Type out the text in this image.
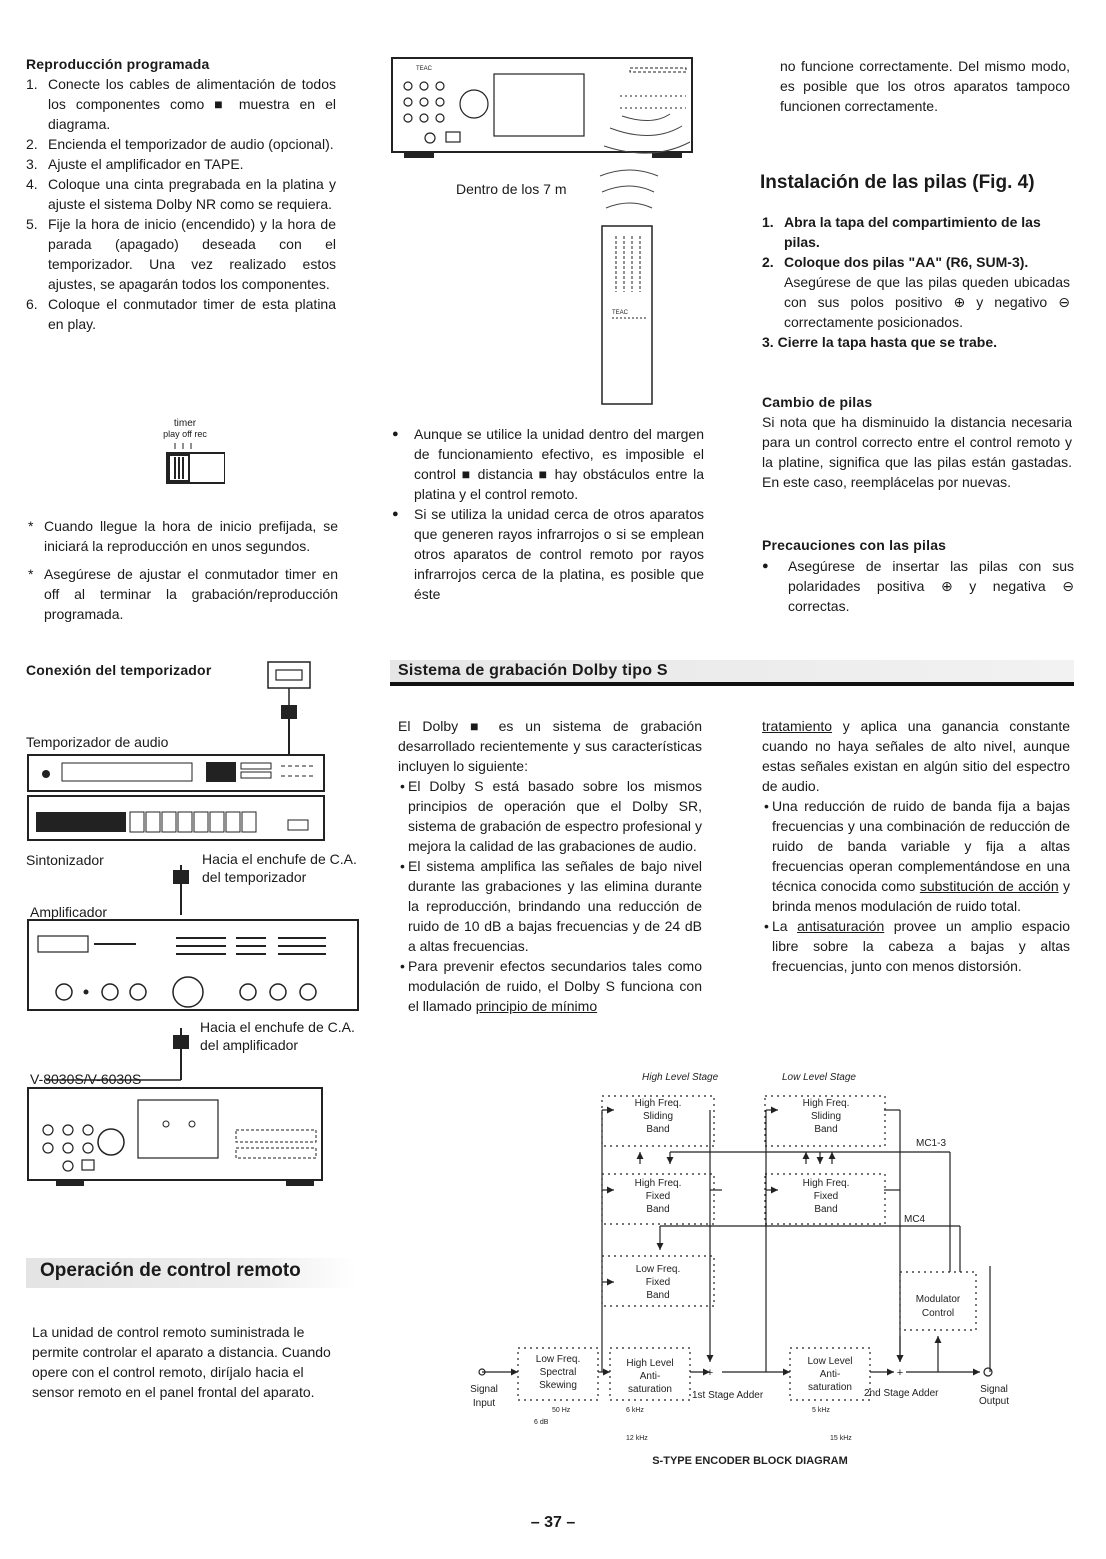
Reproducción programada
1. Conecte los cables de alimentación de todos los componentes como ■ muestra en el diagrama.
2. Encienda el temporizador de audio (opcional).
3. Ajuste el amplificador en TAPE.
4. Coloque una cinta pregrabada en la platina y ajuste el sistema Dolby NR como se requiera.
5. Fije la hora de inicio (encendido) y la hora de parada (apagado) deseada con el temporizador. Una vez realizado estos ajustes, se apagarán todos los componentes.
6. Coloque el conmutador timer de esta platina en play.
timer
play off rec
* Cuando llegue la hora de inicio prefijada, se iniciará la reproducción en unos segundos.
* Asegúrese de ajustar el conmutador timer en off al terminar la grabación/reproducción programada.
Conexión del temporizador
Temporizador de audio
Sintonizador	Hacia el enchufe de C.A. del temporizador
Amplificador
Hacia el enchufe de C.A. del amplificador
V-8030S/V-6030S
Operación de control remoto
La unidad de control remoto suministrada le permite controlar el aparato a distancia. Cuando opere con el control remoto, diríjalo hacia el sensor remoto en el panel frontal del aparato.
TEAC
TEAC
Dentro de los 7 m
● Aunque se utilice la unidad dentro del margen de funcionamiento efectivo, es imposible el control ■ distancia ■ hay obstáculos entre la platina y el control remoto.
● Si se utiliza la unidad cerca de otros aparatos que generen rayos infrarrojos o si se emplean otros aparatos de control remoto por rayos infrarrojos cerca de la platina, es posible que éste
no funcione correctamente. Del mismo modo, es posible que los otros aparatos tampoco funcionen correctamente.
Instalación de las pilas (Fig. 4)
1. Abra la tapa del compartimiento de las pilas.
2. Coloque dos pilas "AA" (R6, SUM-3).
Asegúrese de que las pilas queden ubicadas con sus polos positivo ⊕ y negativo ⊖ correctamente posicionados.
3. Cierre la tapa hasta que se trabe.
Cambio de pilas
Si nota que ha disminuido la distancia necesaria para un control correcto entre el control remoto y la platine, significa que las pilas están gastadas. En este caso, reemplácelas por nuevas.
Precauciones con las pilas
● Asegúrese de insertar las pilas con sus polaridades positiva ⊕ y negativa ⊖ correctas.
Sistema de grabación Dolby tipo S
El Dolby ■ es un sistema de grabación desarrollado recientemente y sus características incluyen lo siguiente:
• El Dolby S está basado sobre los mismos principios de operación que el Dolby SR, sistema de grabación de espectro profesional y mejora la calidad de las grabaciones de audio.
• El sistema amplifica las señales de bajo nivel durante las grabaciones y las elimina durante la reproducción, brindando una reducción de ruido de 10 dB a bajas frecuencias y de 24 dB a altas frecuencias.
• Para prevenir efectos secundarios tales como modulación de ruido, el Dolby S funciona con el llamado principio de mínimo
tratamiento y aplica una ganancia constante cuando no haya señales de alto nivel, aunque estas señales existan en algún sitio del espectro de audio.
• Una reducción de ruido de banda fija a bajas frecuencias y una combinación de reducción de ruido de banda variable y fija a altas frecuencias operan complementándose en una técnica conocida como substitución de acción y brinda menos modulación de ruido total.
• La antisaturación provee un amplio espacio libre sobre la cabeza a bajas y altas frecuencias, junto con menos distorsión.
+	+
High Level Stage	Low Level Stage
High Freq.
Sliding
Band
High Freq.
Fixed
Band
Low Freq.
Fixed
Band
High Freq.
Sliding
Band
High Freq.
Fixed
Band
Modulator
Control
Low Freq.
Spectral
Skewing
High Level
Anti-
saturation
Low Level
Anti-
saturation
Signal
Input
Signal
Output
MC1-3
MC4
1st Stage Adder	2nd Stage Adder
50 Hz
6 dB
6 kHz
12 kHz
5 kHz
15 kHz
S-TYPE ENCODER BLOCK DIAGRAM
– 37 –
